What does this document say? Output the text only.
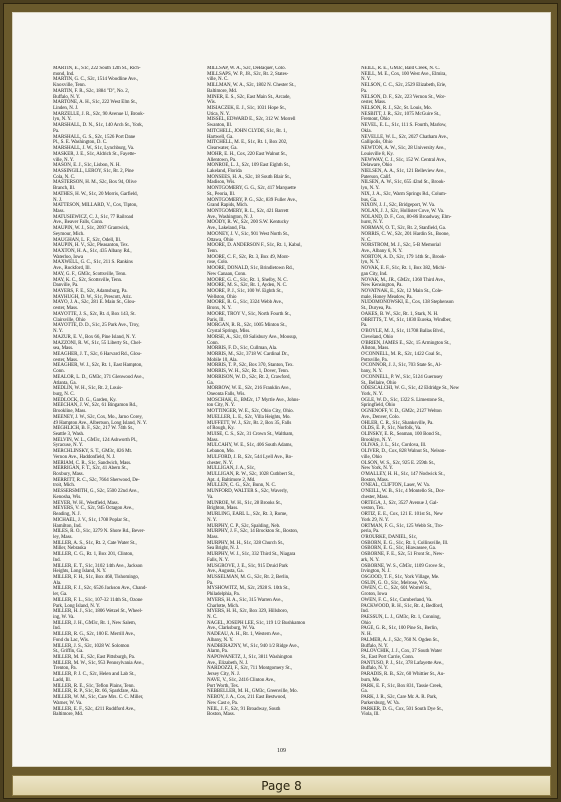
MARTIN, E., S1c, 222 South 12th St., Rich-
mond, Ind.
MARTIN, G. C., S2c, 1514 Woodline Ave.,
Knoxville, Tenn.
MARTIN, F. R., S2c, 1884 "D", No. 2,
Buffalo, N. Y.
MARTONE, A. H., S1c, 222 West Elm St.,
Linden, N. J.
MARZELLE, J. R., S2c, 90 Avenue U, Brook-
lyn, N. Y.
MARSHALL, D. N., S1c, 140 Arch St., York,
Pa.
MARSHALL, G. S., S2c, 1526 Port Dane
Pl., S. E. Washington, D. C.
MARSHALL, J. W., S1c, Lynchburg, Va.
MASKER, J. E., S1c, Aldrich St., Fayette-
ville, N. Y.
MASON, E. J., S1c, Lisbon, N. H.
MASSINGILL, LEROY, S1c, Rt. 2, Pine
Cola, N. C.
MASTERSON, H. M., S2c, Box 94, Olive
Branch, Ill.
MATHES, H. W., S1c, 20 Morris, Garfield,
N. J.
MATTESON, MILLARD, V., Cox, Tipton,
Mass.
MATUSIEWICZ, C. J., S1c, 77 Railroad
Ave., Beaver Falls, Conn.
MAUPIN, W. J., S1c, 2097 Grantwick,
Seymour, Mich.
MAUGHAN, L. F., S2c, Odell, Ill.
MAUPIN, H. V., S2c, Pleasanton, Tex.
MAXTON, H. A., S1c, 435 Albany Rd.,
Waterloo, Iowa
MAXWELL, G. C., S1c, 211 S. Rankins
Ave., Rockford, Ill.
MAY, G. F., GM3c, Scottsville, Tenn.
MAY, K. C., S2c, Scottsville, Tenn.
Danville, Pa.
MAYERS, F. E., S2c, Adamsburg, Pa.
MAYHUGH, D. W., S1c, Prescott, Ariz.
MAYO, J. A., S2c, 281 E. Main St., Glou-
cester, Mass.
MAYOTTE, J. S., S2c, Rt. 4, Box 143, St.
Clairsville, Ohio
MAYOTTE, D. D., S1c, 25 Park Ave., Troy,
N. Y.
MAZUR, E. V., Box 66, Pine Island, N. Y.
MAZZONI, R. W., S1c, 55 Liberty St., Chel-
sea, Mass.
MEAGHER, J. T., S2c, 6 Harvard Rd., Glou-
cester, Mass.
MEAGHER, W. J., S2c, Rt. 1, East Hampton,
Conn.
MEALOR, L. D., GM3c, 371 Glenwood Ave.,
Atlanta, Ga.
MEDLIN, W. H., S1c, Rt. 2, Louis-
burg, N. C.
MEDLOCK, D. G., Garden, Ky.
MEECHAN, J. W., S2c, 61 Bingamon Rd.,
Brookline, Mass.
MEENEY, J. W., S2c, Cox, Mo., Jarno Corey,
49 Hampton Ave., Albertson, Long Island, N. Y.
MEGHLICH, B. F., S2c, 217 W. 74th St.,
Seattle 3, Wash.
MELVIN, W. L., GM3c, 124 Ashworth Pl.,
Syracuse, N. Y.
MERCHLINSKY, S. T., GM3c, 826 Mt.
Vernon Ave., Haddonfield, N. J.
MERIAM, C. R., S1c, Sandwich, Mass.
MERRIGAN, F. T., S2c, 41 Abern St.,
Roxbury, Mass.
MERRITT, R. C., S2c, 7664 Sherwood, De-
troit, Mich.
MESSERSMITH, G., S2c, 5500 22nd Ave.,
Kenosha, Wis.
MEYER, W. H., Westfield, Mass.
MEYERS, V. C., S2c, 945 Octagon Ave.,
Reading, N. J.
MICHAEL, J. V., S1c, 1708 Poplar St.,
Hamilton, Ind.
MILES, R. O., S1c, 3279 N. Shore Rd., Bever-
ley, Mass.
MILLER, A. S., S1c, Rt. 2, Cate Water St.,
Miller, Nebraska
MILLER, C. G., Rt. 1, Box 201, Clinton,
Ind.
MILLER, E. T., S1c, 3102 14th Ave., Jackson
Heights, Long Island, N. Y.
MILLER, F. H., S1c, Box 468, Tishomingo,
Ala.
MILLER, F. J., S2c, 6526 Jackson Ave., Chand-
ler, Ga.
MILLER, F. L., S1c, 107-32 114th St., Ozone
Park, Long Island, N. Y.
MILLER, H. J., S1c, 1806 Wetzel St., Wheel-
ing, W. Va.
MILLER, J. H., GM3c, Rt. 1, New Salem,
Ind.
MILLER, R. G., S2c, 100 E. Merrill Ave.,
Fond du Lac, Wis.
MILLER, J. S., S2c, 1028 W. Solomon
St., Griffin, Ga.
MILLER, M. E., S2c, East Pittsburgh, Pa.
MILLER, M. W., S1c, 953 Pennsylvania Ave.,
Trenton, Pa.
MILLER, P. J. C., S2c, Helen and Lab St.,
Ladd, Ill.
MILLER, R. E., S1c, Teflon Plains, Tenn.
MILLER, R. P., S1c, Rt. 66, Sparkfare, Ala.
MILLER, W. M., S1c, Care Mrs. C. C. Miller,
Warner, W. Va.
MILLER, E. F., S2c, 4211 Ruddford Ave.,
Baltimore, Md.
MILLSAP, W. A., S2c, DeBaquer, Colo.
MILLSAPS, W. P., J8., S2c, Rt. 2, States-
ville, N. C.
MILLMAN, W. A., S2c, 1802 N. Chester St.,
Baltimore, Md.
MINER, E. S., S2c, East Main St., Arcade,
Wis.
MISIACZEK, E. J., S1c, 1031 Hope St.,
Utica, N. Y.
MISSEL, EDWARD E., S2c, 312 W. Morrell
Swanton, Ill.
MITCHELL, JOHN CLYDE, S1c, Rt. 1,
Hartwell, Ga.
MITCHELL, M. E., S1c, Rt. 1, Box 202,
Clearwater, Ga.
MOHR, E. H., Cox, 220 East Walnut St.,
Allentown, Pa.
MONROE, L. J., S2c, 109 East Eighth St.,
Lakeland, Florida
MONSEES, H. A., S2c, 18 South Blair St.,
Madison, Wis.
MONTGOMERY, G. G., S2c, 417 Marquette
St., Peoria, Ill.
MONTGOMERY, P. G., S2c, 839 Fuller Ave.,
Grand Rapids, Mich.
MONTGOMERY, R. L., S2c, 421 Barrett
Ave., Washington, N. J.
MOODY, R. W., S2c, 200 S.W. Kentucky
Ave., Lakeland, Fla.
MOONEY, J. V., S1c, 901 West North St.,
Ottawa, Ohio
MOORE, D. ANDERSON F., S1c, Rt. 1, Kabul,
Tenn.
MOORE, C. F., S2c, Rt. 3, Box 49, Mont-
rose, Colo.
MOORE, DONALD, S1c, Brindletown Rd.,
New Canaan, Conn.
MOORE, G. C., S1c, Rt. 1, Shelby, N. C.
MOORE, M. S., S2c, Rt. 1, Ayden, N. C.
MOORE, P. J., S1c, 100 W. Eighth St.,
Wellston, Ohio
MOORE, R. G., S1c, 3324 Webb Ave.,
Bronx, N. Y.
MOORE, TROY V., S1c, North Fourth St.,
Paris, Ill.
MORGAN, R. R., S2c, 1005 Minton St.,
Crystal Springs, Miss.
MORSE, A., S2c, 69 Salisbury Ave., Moosup,
Conn.
MORRIS, F. D., S1c, Cullman, Ala.
MORRIS, M., S2c, 3718 W. Cardinal Dr.,
Mobile 10, Ala.
MORRIS, T. P., S2c, Box 370, Stanton, Tex.
MORRIS, W. H., S2c, Rt. 1, Dover, Tenn.
MORRISON, W. D., S2c, Rt. 2, Crawford,
Ga.
MORROW, W. E., S2c, 216 Franklin Ave.,
Oneonta Falls, Wis.
MOSCHAK, E., BM2c, 17 Myrtle Ave., Johns-
ton City, N. Y.
MOTTINGER, W. E., S2c, Ohio City, Ohio.
MUELLER, L. E., S2c, Villa Heights, Mo.
MUFFETT, W. J., S2c, Rt. 2, Box 35, Falls
of Rough, Ky.
MUISE, C. S., S2c, 31 Crown St., Waltham,
Mass.
MULCAHY, W. E., S1c, 406 South Adams,
Lebanon, Mo.
MULFORD, J. B., S2c, 544 Lyell Ave., Ro-
chester, N. Y.
MULLIGAN, J. A., S1c,
MULLIGAN, R. W., S2c, 1028 Cuthbert St.,
Apt. 4, Baltimore 2, Md.
MULLEN, C. G., S2c, Bunn, N. C.
MUNFORD, WALTER S., S2c, Waverly,
Va.
MUNROE, W. H., S1c, 28 Brooks St.,
Brighton, Mass.
MURLING, EARL L., S2c, Rt. 3, Rome,
N. Y.
MURPHY, C. P., S2c, Spalding, Neb.
MURPHY, J. F., S2c, 14 Brockton St., Boston,
Mass.
MURPHY, M. H., S1c, 328 Church St.,
Sea Bright, N. J.
MURPHY, W. J., S1c, 332 Third St., Niagara
Falls, N. Y.
MUSGROVE, J. E., S1c, 915 Druid Park
Ave., Augusta, Ga.
MUSSELMAN, M. G., S2c, Rt. 2, Berlin,
Pa.
MYSHOWITZ, M., S2c, 2928 S. 10th St.,
Philadelphia, Pa.
MYERS, H. A., S1c, 315 Warren Ave.,
Charlotte, Mich.
MYERS, H. H., S2c, Box 329, Hillsboro,
N. C.
NAGEL, JOSEPH LEE, S1c, 119 1/2 Bushkamon
Ave., Clarksburg, W. Va.
NADEAU, A. H., Rt. 1, Western Ave.,
Albany, N. Y.
NADBERAZNY, W., S1c, 940 1/2 Ridge Ave.,
Alarm, Pa.
NAPOWANETZ, J., S1c, 3811 Washington
Ave., Elizabeth, N. J.
NARDOZZI, F., S2c, 711 Montgomery St.,
Jersey City, N. J.
NAVE, V., S1c, 2416 Clinton Ave.,
Port Worth, Tex.
NEBBELLER, M. H., GM3c, Greenville, Mo.
NEBOY, J. A., Cox, 211 East Bestwood,
New Cast e, Pa.
NEIL, J. F., S2c, 91 Broadway, South
Boston, Mass.
NEILL, R. E., GM3c, Bald Creek, N. C.
NEILL, M. E., Cox, 100 West Ave., Elmira,
N. Y.
NELSON, C. C., S2c, 2529 Elizabeth, Erie,
Pa.
NELSON, D. F., S2c, 223 Vernon St., Wor-
cester, Mass.
NELSON, R. J., S2c, St. Louis, Mo.
NESBITT, J. R., S2c, 1075 McGuire St.,
Fremont, Ohio
NEVEL, E. L., S1c, 111 S. Fourth, Marlow,
Okla.
NEVELLE, W. L., S2c, 2027 Chatham Ave.,
Gallipolis, Ohio
NEWTON, A. W., S1c, 28 University Ave.,
Louisville 8, Ky.
NEWWAY, C. J., S1c, 152 W. Central Ave.,
Delaware, Ohio
NIELSEN, A. A., S1c, 121 Belleview Ave.,
Paterson, Calif.
NILSEN, A. W., S1c, 655 42nd St., Brook-
lyn, N. Y.
NIX, J. A., S2c, Warm Springs Rd., Colum-
bus, Ga.
NIXON, J. J., S2c, Bridgeport, W. Va.
NOLAN, J. J., S2c, Hollister Cove, W. Va.
NOLAND, D. F., Cox, 80-86 Broadway, Elm-
hurst, N. Y.
NORMAN, O. T., S2c, Rt. 2, Stanfield, Ga.
NORRIS, C. W., S2c, 201 Hardin St., Boone,
N. C.
NORSTROM, M. J., S2c, 5-B Memorial
Ave., Albany 6, N. Y.
NORTON, A. D., S2c, 179 14th St., Brook-
lyn, N. Y.
NOVAK, E. F., S1c, Rt. 1, Box 382, Michi-
gan City, Ind.
NOVAK, M., JR., GM2c, 1360 Third Ave.,
New Kensington, Pa.
NOVATNAK, E., S2c, 12 Main St., Cole-
male, Honey Meadow, Pa.
NUDOMONOWSKI, E., Cox, 138 Stephenson
St., Duryea, Pa.
OAKES, B. W., S2c, Rt. 1, Stark, N. H.
OBRITTS, T. W., S1c, 1830 Eureka, Windber,
Pa.
O'BOYLE, M. J., S1c, 11708 Ballas Blvd.,
Cleveland, Ohio
O'BRIEN, JAMES E., S2c, 15 Armington St.,
Allston, Mass.
O'CONNELL, M. R., S2c, 1422 Coal St.,
Pottsville, Pa.
O'CONNOR, J. J., S1c, 703 State St., Al-
bany, N. Y.
O'CONNELL, P. W., S1c, 5124 Guernsey
St., Bellaire, Ohio
ODESCALCHI, W. G., S1c, 42 Eldridge St., New
York, N. Y.
OGLE, W. D., S1c, 1322 S. Limestone St.,
Springfield, Ohio
OGNENOFF, V. D., GM2c, 2127 Welton
Ave., Denver, Colo.
OHLER, C. R., S1c, Shanksville, Pa.
OLDS, E. P., S1c, Norfolk, Va.
OLINSKY, E. R., Seaman, 100 Bond St.,
Brooklyn, N. Y.
OLIVAS, J. L., S1c, Cordova, Ill.
OLIVER, D., Cox, 828 Walnut St., Nelson-
ville, Ohio
OLSON, W. S., S2c, 925 E. 259th St.,
New York, N. Y.
O'MALLEY, H. H., S1c, 147 Nodwick St.,
Boston, Mass.
O'NEAL, CLIFTON, Laser, W. Va.
O'NEILL, W. B., S1c, 4 Montello St., Dor-
chester, Mass.
ORTEGA, J., S2c, 3527 Avenue J, Gal-
veston, Tex.
ORTIZ, E. E., Cox, 121 E. 101st St., New
York 29, N. Y.
ORTMAN, F. G., S1c, 125 Webb St., Tro-
peria, Pa.
O'ROURKE, DANIEL, S1c,
OSBORN, E. G., S1c, Rt. 1, Collinsville, Ill.
OSBORN, E. G., S1c, Hiawassee, Ga.
OSBORNE, F. E., S2c, 51 Front St., New-
ark, N. Y.
OSBORNE, W. S., GM3c, 1109 Grove St.,
Irvington, N. J.
OSGOOD, T. F., S1c, York Village, Me.
OSLIN, G. O., S1c, Melrose, Wis.
OWEN, C. C., S2c, 601 Worrell St.,
Groton, Iowa
OWEN, F. C., S1c, Cumberland, Va.
PACKWOOD, R. H., S1c, Rt. 4, Bedford,
Ind.
PAESSUN, L. J., GM3c, Rt. 1, Conning,
Ohio
PAGE, G. R., S1c, 100 Pine St., Berlin,
N. H.
PALMER, A. J., S2c, 760 N. Ogden St.,
Buffalo, N. Y.
PALOVCHIK, J. J., Cox, 37 South Water
St., East Port Carrie, Conn.
PANTUSO, P. J., S1c, 378 Lafayette Ave.,
Buffalo, N. Y.
PARADIS, R. B., S2c, 60 Whittier St., Au-
burn, Me.
PARK, E. F., S1c, Box 831, Tassie Creek,
Ga.
PARK, J. R., S2c, Care Mr. A. R. Park,
Parkersburg, W. Va.
PARKER, D. G., Cox, 501 South Dye St.,
Viola, Ill.
109
Page 8
